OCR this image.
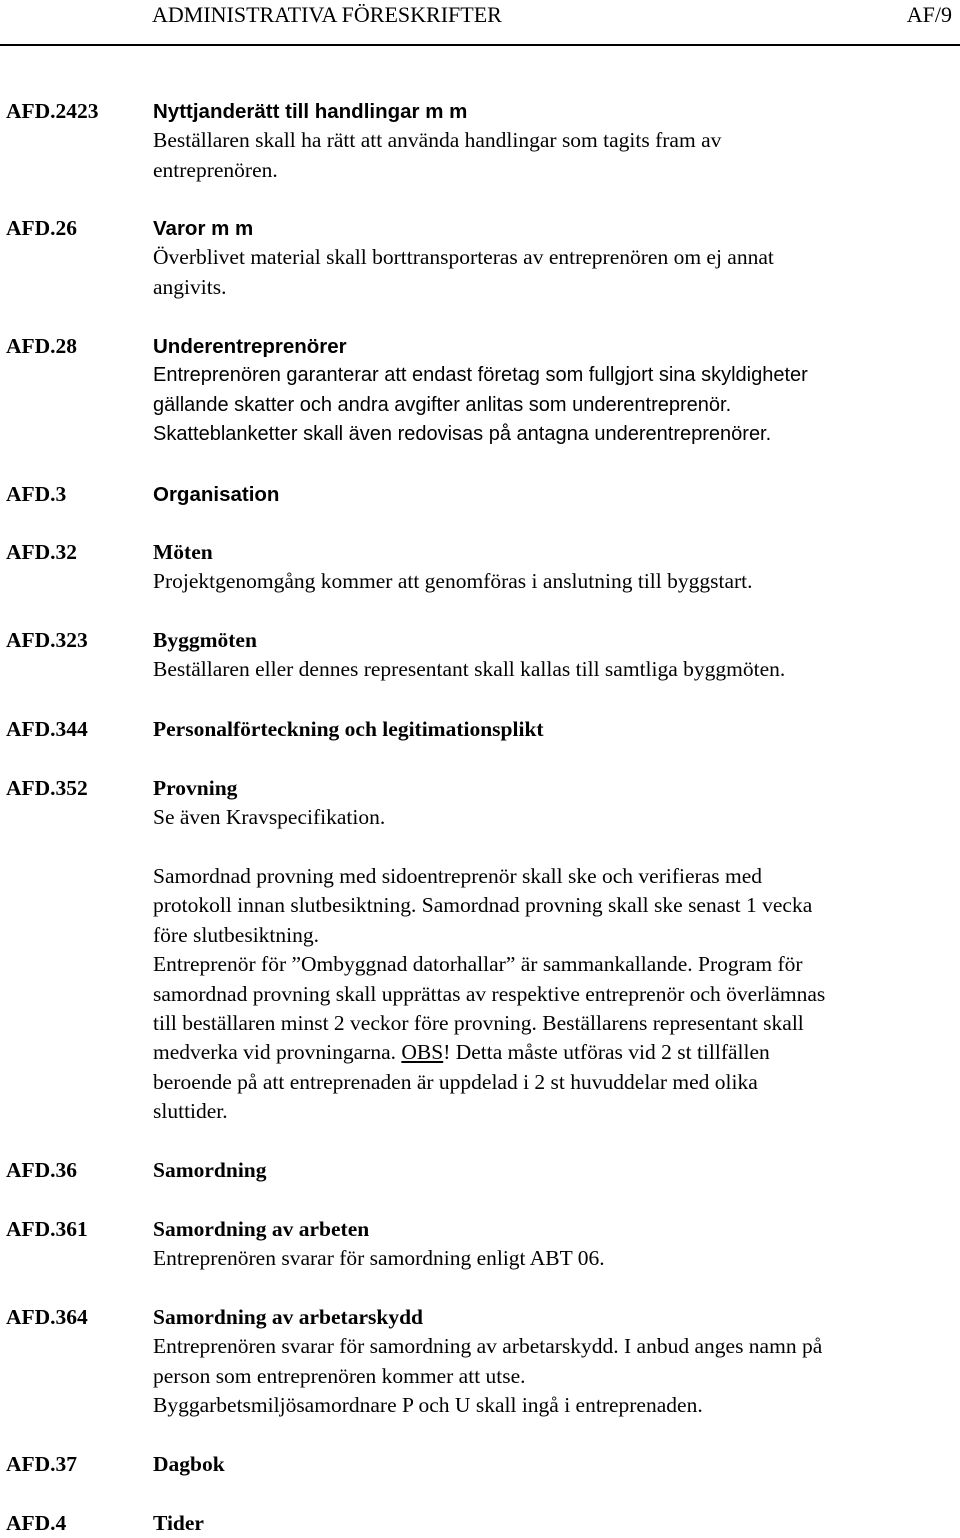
ADMINISTRATIVA FÖRESKRIFTER	AF/9
AFD.2423	Nyttjanderätt till handlingar m m
Beställaren skall ha rätt att använda handlingar som tagits fram av
entreprenören.
AFD.26	Varor m m
Överblivet material skall borttransporteras av entreprenören om ej annat
angivits.
AFD.28	Underentreprenörer
Entreprenören garanterar att endast företag som fullgjort sina skyldigheter
gällande skatter och andra avgifter anlitas som underentreprenör.
Skatteblanketter skall även redovisas på antagna underentreprenörer.
AFD.3	Organisation
AFD.32	Möten
Projektgenomgång kommer att genomföras i anslutning till byggstart.
AFD.323	Byggmöten
Beställaren eller dennes representant skall kallas till samtliga byggmöten.
AFD.344	Personalförteckning och legitimationsplikt
AFD.352	Provning
Se även Kravspecifikation.
Samordnad provning med sidoentreprenör skall ske och verifieras med
protokoll innan slutbesiktning. Samordnad provning skall ske senast 1 vecka
före slutbesiktning.
Entreprenör för ”Ombyggnad datorhallar” är sammankallande. Program för
samordnad provning skall upprättas av respektive entreprenör och överlämnas
till beställaren minst 2 veckor före provning. Beställarens representant skall
medverka vid provningarna. OBS! Detta måste utföras vid 2 st tillfällen
beroende på att entreprenaden är uppdelad i 2 st huvuddelar med olika
sluttider.
AFD.36	Samordning
AFD.361	Samordning av arbeten
Entreprenören svarar för samordning enligt ABT 06.
AFD.364	Samordning av arbetarskydd
Entreprenören svarar för samordning av arbetarskydd. I anbud anges namn på
person som entreprenören kommer att utse.
Byggarbetsmiljösamordnare P och U skall ingå i entreprenaden.
AFD.37	Dagbok
AFD.4	Tider
